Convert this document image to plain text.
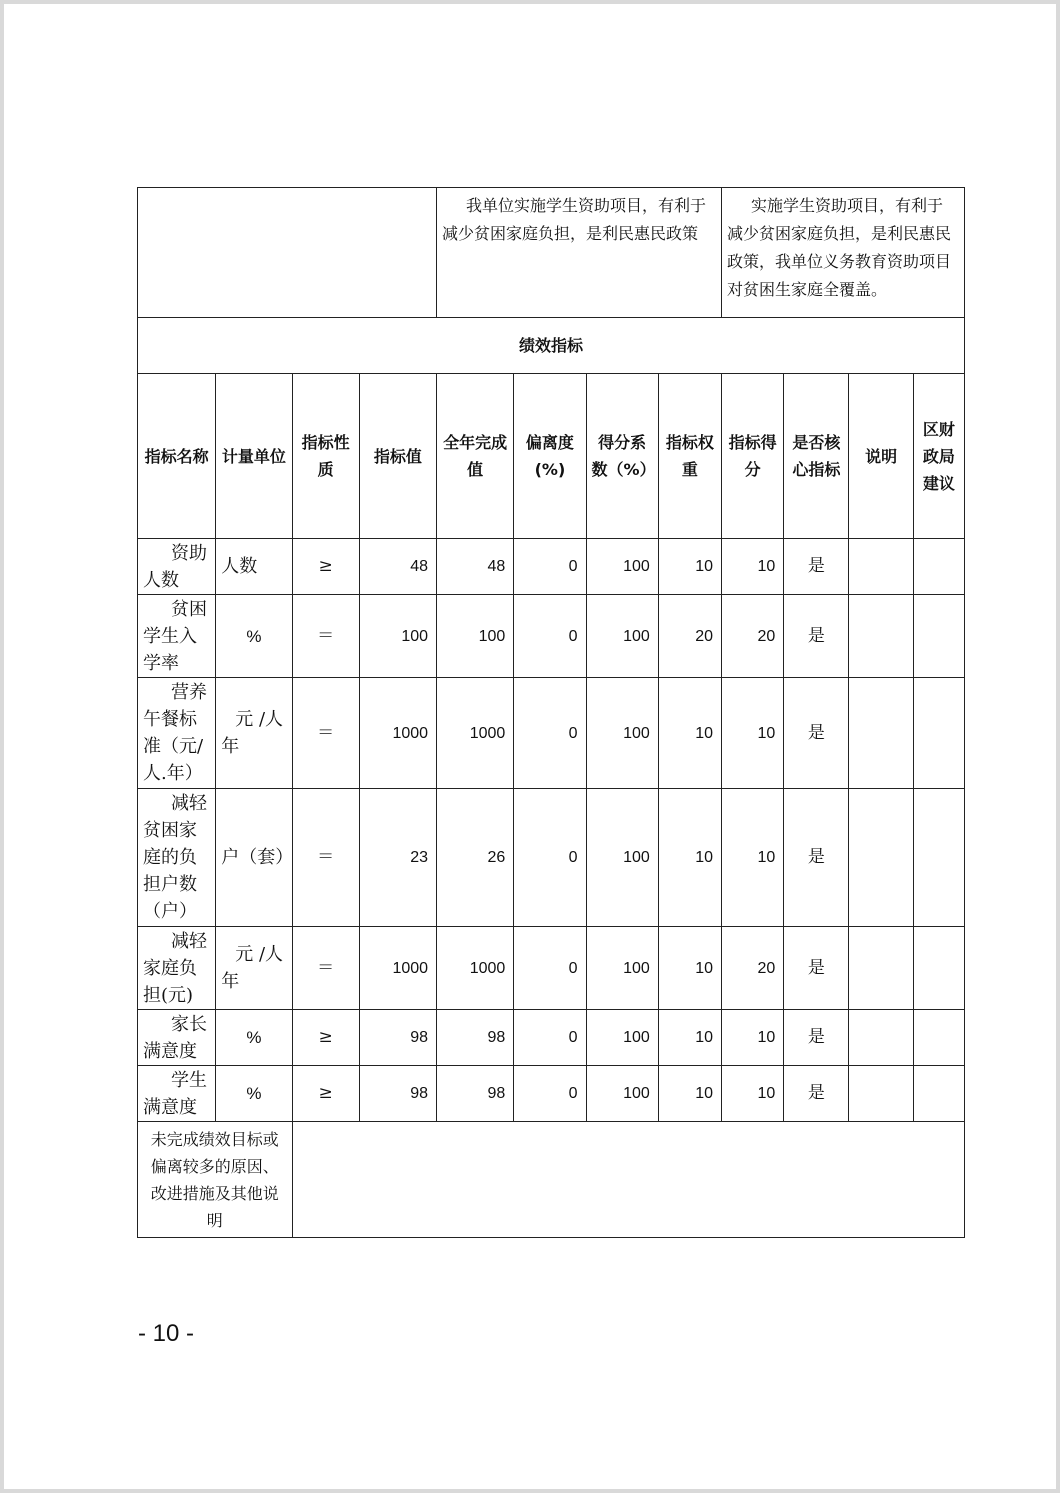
				我单位实施学生资助项目，有利于减少贫困家庭负担，是利民惠民政策				实施学生资助项目，有利于减少贫困家庭负担，是利民惠民政策，我单位义务教育资助项目对贫困生家庭全覆盖。			
绩效指标											
指标名称	计量单位	指标性质	指标值	全年完成值	偏离度(%)	得分系数（%）	指标权重	指标得分	是否核心指标	说明	区财政局建议
资助人数	人数	≥	48	48	0	100	10	10	是		
贫困学生入学率	%	＝	100	100	0	100	20	20	是		
营养午餐标准（元/人.年）	元 /人年	＝	1000	1000	0	100	10	10	是		
减轻贫困家庭的负担户数（户）	户（套）	＝	23	26	0	100	10	10	是		
减轻家庭负担(元)	元 /人年	＝	1000	1000	0	100	10	20	是		
家长满意度	%	≥	98	98	0	100	10	10	是		
学生满意度	%	≥	98	98	0	100	10	10	是		
未完成绩效目标或偏离较多的原因、改进措施及其他说明											
- 10 -
